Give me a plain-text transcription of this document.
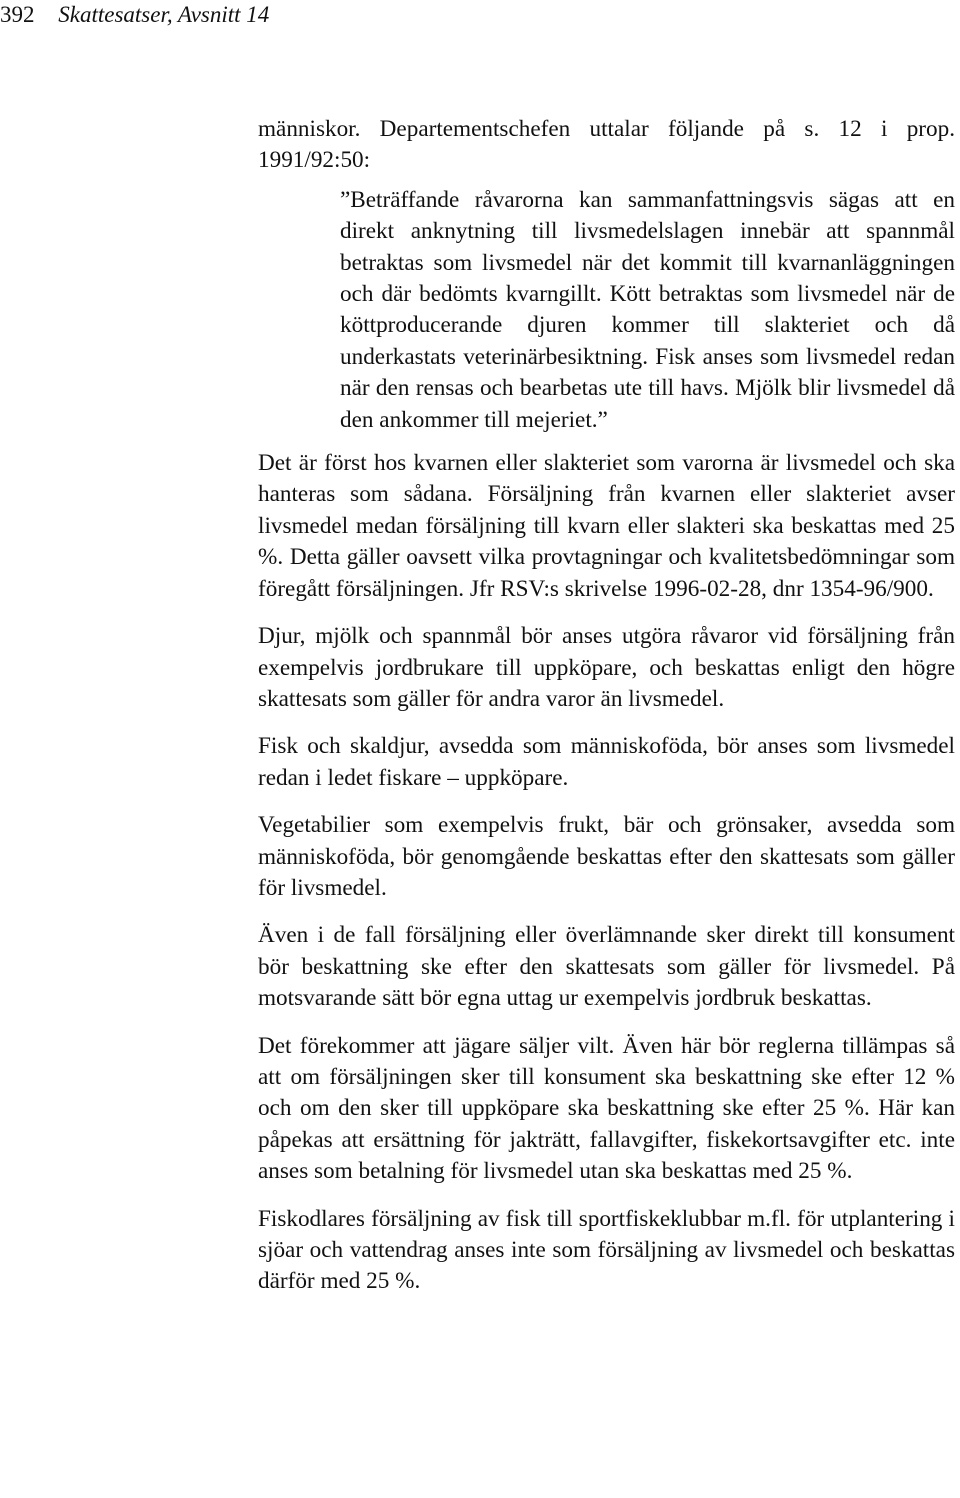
392 Skattesatser, Avsnitt 14

människor. Departementschefen uttalar följande på s. 12 i prop. 1991/92:50:

”Beträffande råvarorna kan sammanfattningsvis sägas att en direkt anknytning till livsmedelslagen innebär att spannmål betraktas som livsmedel när det kommit till kvarnanläggningen och där bedömts kvarngillt. Kött betraktas som livsmedel när de köttproducerande djuren kommer till slakteriet och då underkastats veterinärbesiktning. Fisk anses som livsmedel redan när den rensas och bearbetas ute till havs. Mjölk blir livsmedel då den ankommer till mejeriet.”

Det är först hos kvarnen eller slakteriet som varorna är livsmedel och ska hanteras som sådana. Försäljning från kvarnen eller slakteriet avser livsmedel medan försäljning till kvarn eller slakteri ska beskattas med 25 %. Detta gäller oavsett vilka provtagningar och kvalitetsbedömningar som föregått försäljningen. Jfr RSV:s skrivelse 1996-02-28, dnr 1354-96/900.

Djur, mjölk och spannmål bör anses utgöra råvaror vid försäljning från exempelvis jordbrukare till uppköpare, och beskattas enligt den högre skattesats som gäller för andra varor än livsmedel.

Fisk och skaldjur, avsedda som människoföda, bör anses som livsmedel redan i ledet fiskare – uppköpare.

Vegetabilier som exempelvis frukt, bär och grönsaker, avsedda som människoföda, bör genomgående beskattas efter den skattesats som gäller för livsmedel.

Även i de fall försäljning eller överlämnande sker direkt till konsument bör beskattning ske efter den skattesats som gäller för livsmedel. På motsvarande sätt bör egna uttag ur exempelvis jordbruk beskattas.

Det förekommer att jägare säljer vilt. Även här bör reglerna tillämpas så att om försäljningen sker till konsument ska beskattning ske efter 12 % och om den sker till uppköpare ska beskattning ske efter 25 %. Här kan påpekas att ersättning för jakträtt, fallavgifter, fiskekortsavgifter etc. inte anses som betalning för livsmedel utan ska beskattas med 25 %.

Fiskodlares försäljning av fisk till sportfiskeklubbar m.fl. för utplantering i sjöar och vattendrag anses inte som försäljning av livsmedel och beskattas därför med 25 %.
